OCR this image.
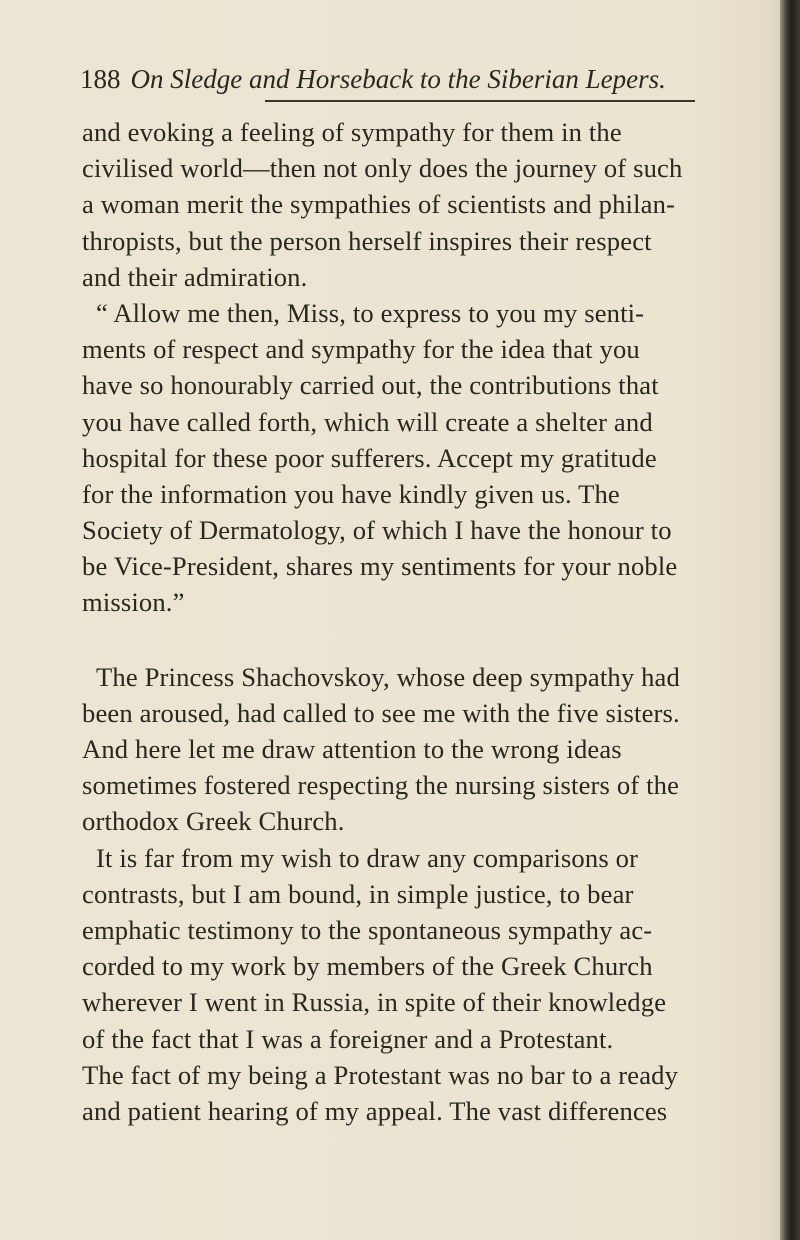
188 On Sledge and Horseback to the Siberian Lepers.
and evoking a feeling of sympathy for them in the
civilised world—then not only does the journey of such
a woman merit the sympathies of scientists and philan-
thropists, but the person herself inspires their respect
and their admiration.
“ Allow me then, Miss, to express to you my senti-
ments of respect and sympathy for the idea that you
have so honourably carried out, the contributions that
you have called forth, which will create a shelter and
hospital for these poor sufferers. Accept my gratitude
for the information you have kindly given us. The
Society of Dermatology, of which I have the honour to
be Vice-President, shares my sentiments for your noble
mission.”
The Princess Shachovskoy, whose deep sympathy had
been aroused, had called to see me with the five sisters.
And here let me draw attention to the wrong ideas
sometimes fostered respecting the nursing sisters of the
orthodox Greek Church.
It is far from my wish to draw any comparisons or
contrasts, but I am bound, in simple justice, to bear
emphatic testimony to the spontaneous sympathy ac-
corded to my work by members of the Greek Church
wherever I went in Russia, in spite of their knowledge
of the fact that I was a foreigner and a Protestant.
The fact of my being a Protestant was no bar to a ready
and patient hearing of my appeal. The vast differences
